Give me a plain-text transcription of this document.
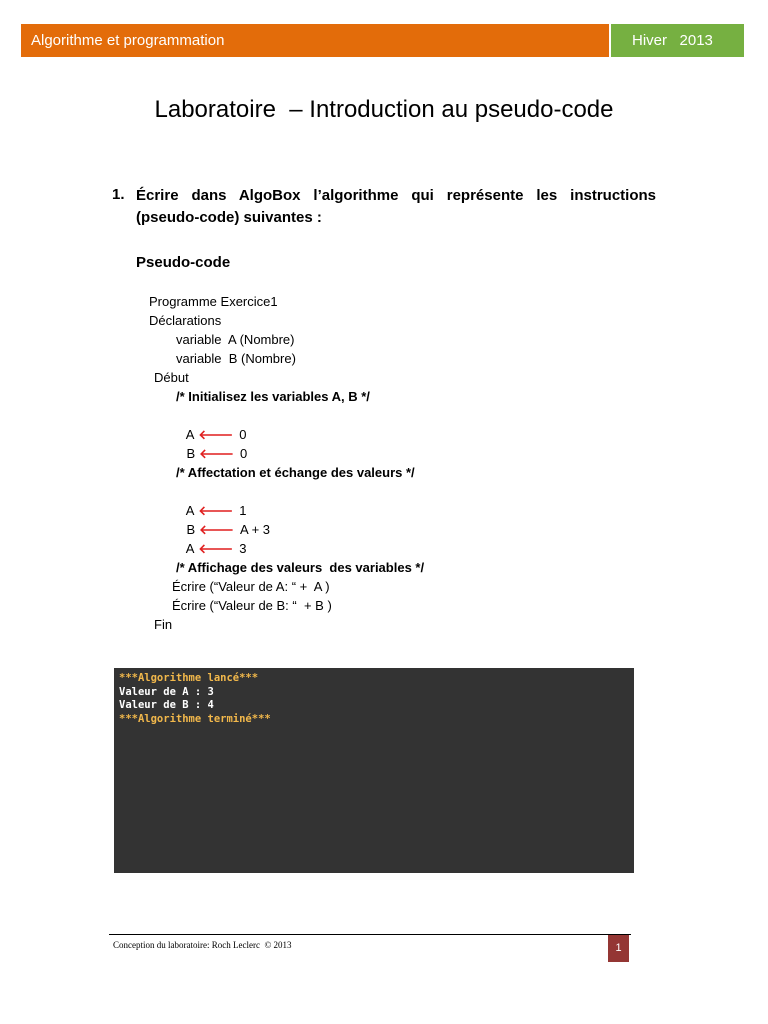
Algorithme et programmation	Hiver   2013
Laboratoire  – Introduction au pseudo-code
1. Écrire dans AlgoBox l’algorithme qui représente les instructions (pseudo-code) suivantes :
Pseudo-code
Programme Exercice1
Déclarations
variable  A (Nombre)
variable  B (Nombre)
Début
/* Initialisez les variables A, B */

A 🡐 0

B 🡐 0

/* Affectation et échange des valeurs */

A 🡐 1

B 🡐 A + 3

A 🡐 3

/* Affichage des valeurs  des variables */
Écrire (“Valeur de A: “ +  A )
Écrire (“Valeur de B: “  + B )
Fin
***Algorithme lancé***
Valeur de A : 3
Valeur de B : 4
***Algorithme terminé***
Conception du laboratoire: Roch Leclerc  © 2013	1
